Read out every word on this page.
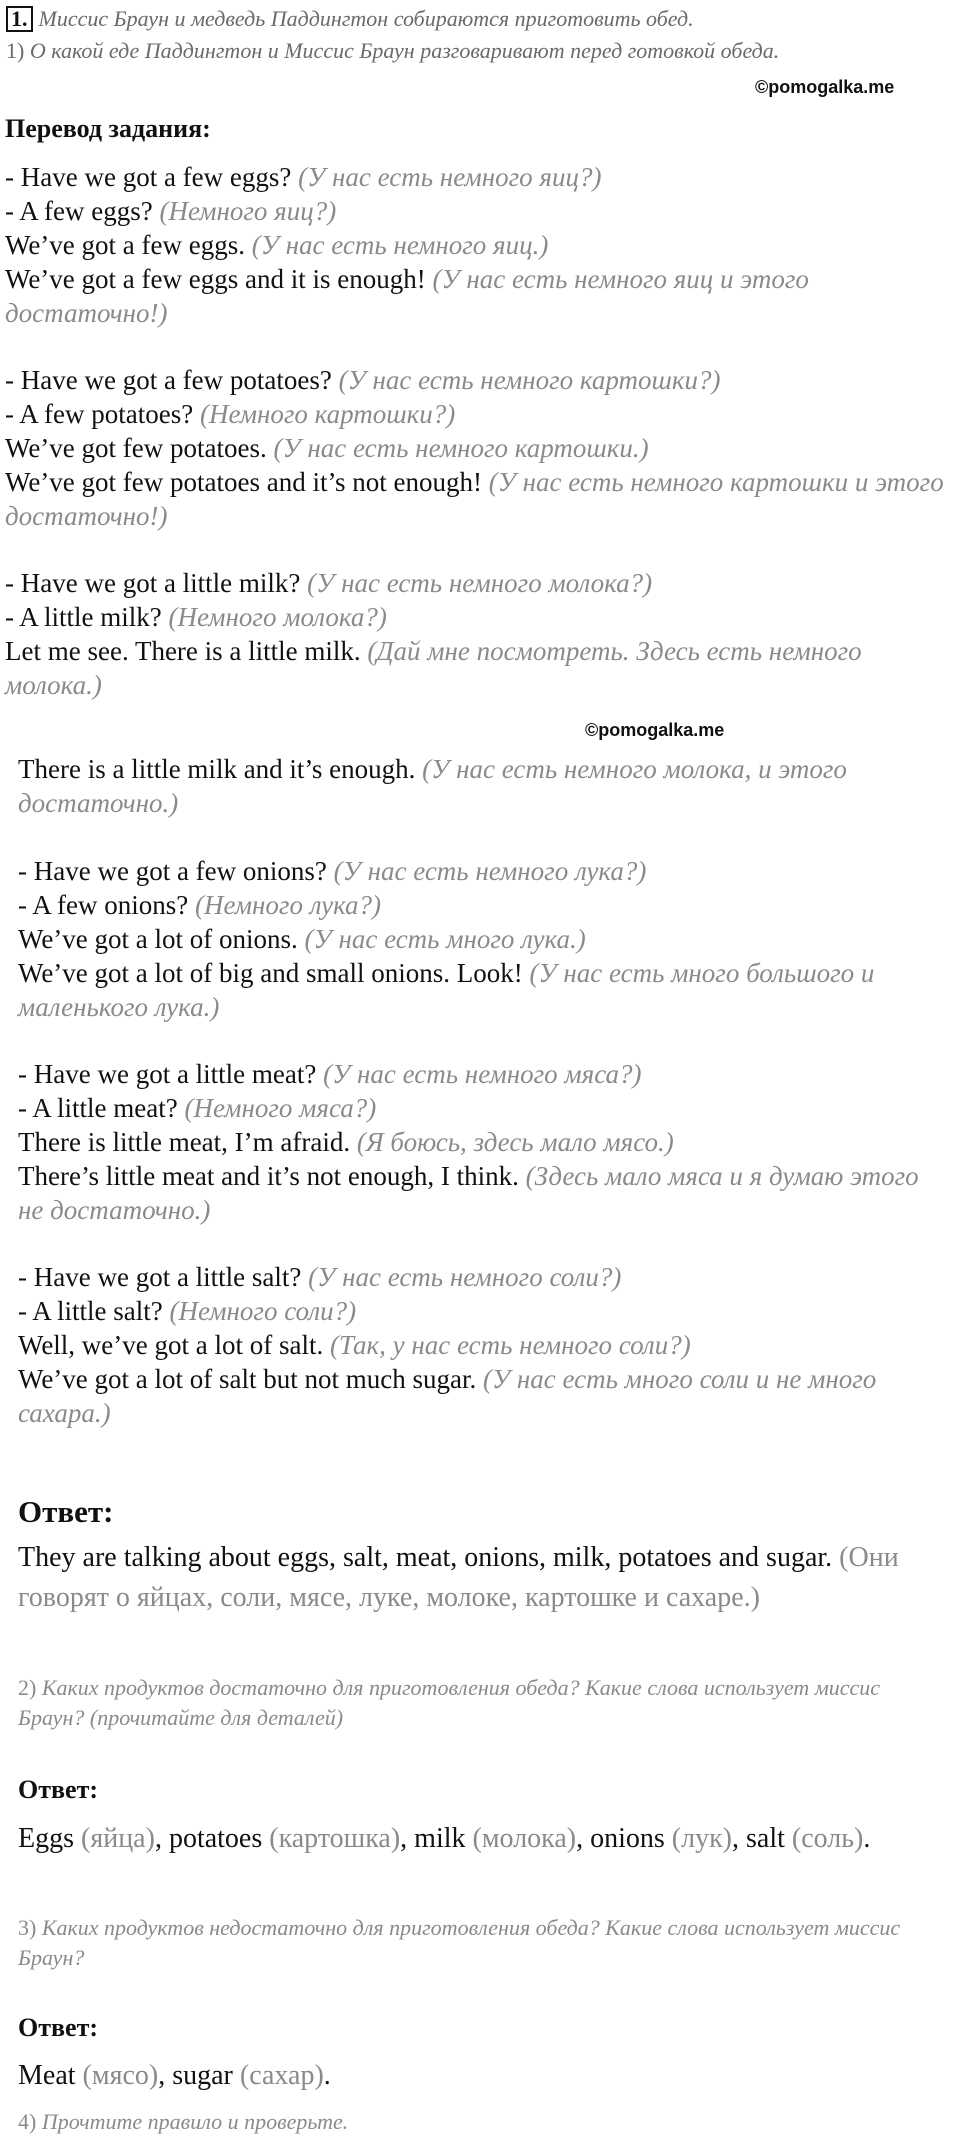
1. Миссис Браун и медведь Паддингтон собираются приготовить обед.
1) О какой еде Паддингтон и Миссис Браун разговаривают перед готовкой обеда.
©pomogalka.me
Перевод задания:

- Have we got a few eggs? (У нас есть немного яиц?)

- A few eggs? (Немного яиц?)

We’ve got a few eggs. (У нас есть немного яиц.)

We’ve got a few eggs and it is enough! (У нас есть немного яиц и этого достаточно!)

- Have we got a few potatoes? (У нас есть немного картошки?)

- A few potatoes? (Немного картошки?)

We’ve got few potatoes. (У нас есть немного картошки.)

We’ve got few potatoes and it’s not enough! (У нас есть немного картошки и этого достаточно!)

- Have we got a little milk? (У нас есть немного молока?)

- A little milk? (Немного молока?)

Let me see. There is a little milk. (Дай мне посмотреть. Здесь есть немного молока.)

©pomogalka.me

There is a little milk and it’s enough. (У нас есть немного молока, и этого достаточно.)

- Have we got a few onions? (У нас есть немного лука?)

- A few onions? (Немного лука?)

We’ve got a lot of onions. (У нас есть много лука.)

We’ve got a lot of big and small onions. Look! (У нас есть много большого и маленького лука.)

- Have we got a little meat? (У нас есть немного мяса?)

- A little meat? (Немного мяса?)

There is little meat, I’m afraid. (Я боюсь, здесь мало мясо.)

There’s little meat and it’s not enough, I think. (Здесь мало мяса и я думаю этого не достаточно.)

- Have we got a little salt? (У нас есть немного соли?)

- A little salt? (Немного соли?)

Well, we’ve got a lot of salt. (Так, у нас есть немного соли?)

We’ve got a lot of salt but not much sugar. (У нас есть много соли и не много сахара.)

Ответ:
They are talking about eggs, salt, meat, onions, milk, potatoes and sugar. (Они говорят о яйцах, соли, мясе, луке, молоке, картошке и сахаре.)
2) Каких продуктов достаточно для приготовления обеда? Какие слова использует миссис Браун? (прочитайте для деталей)
Ответ:
Eggs (яйца), potatoes (картошка), milk (молока), onions (лук), salt (соль).
3) Каких продуктов недостаточно для приготовления обеда? Какие слова использует миссис Браун?
Ответ:
Meat (мясо), sugar (сахар).
4) Прочтите правило и проверьте.
